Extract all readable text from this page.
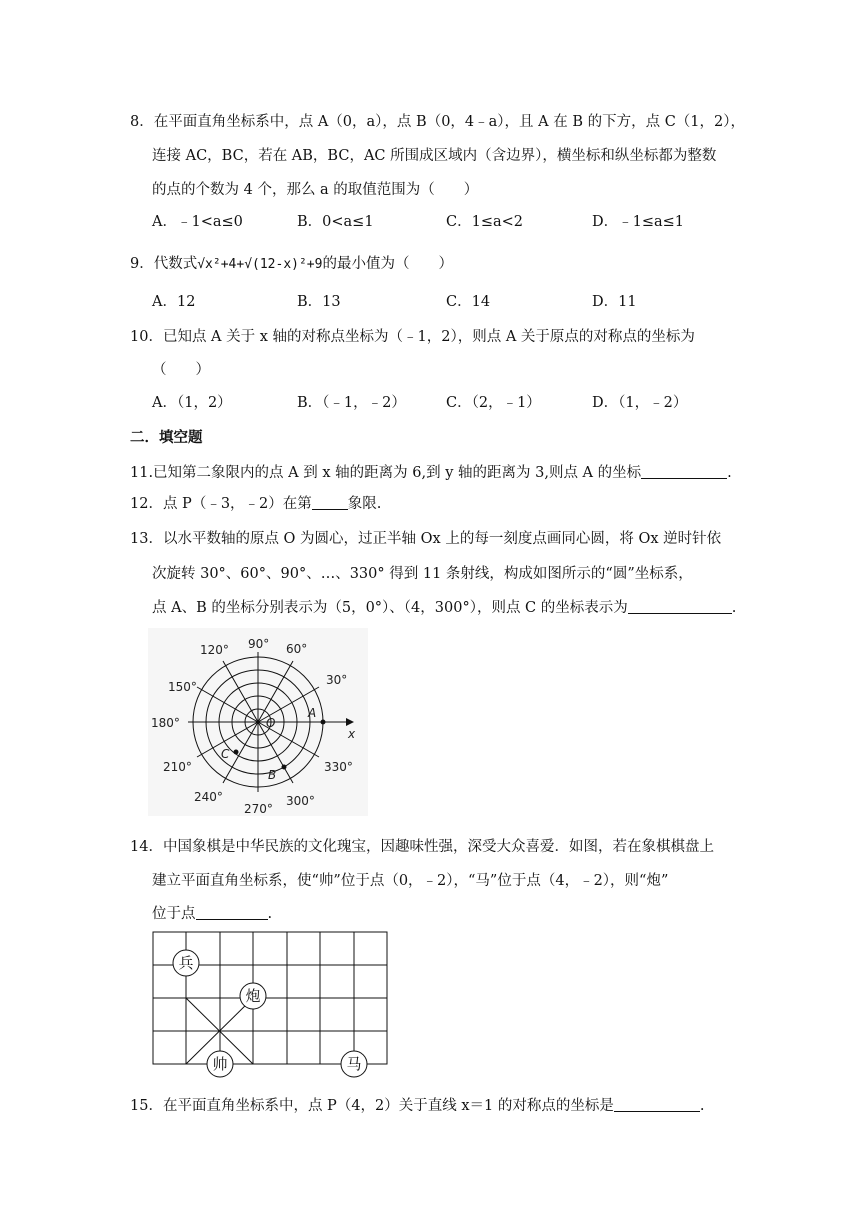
8．在平面直角坐标系中，点 A（0，a），点 B（0，4﹣a），且 A 在 B 的下方，点 C（1，2），
连接 AC，BC，若在 AB，BC，AC 所围成区域内（含边界），横坐标和纵坐标都为整数
的点的个数为 4 个，那么 a 的取值范围为（　　）
A．﹣1<a≤0	B．0<a≤1	C．1≤a<2	D．﹣1≤a≤1
9．代数式√x²+4+√(12-x)²+9的最小值为（　　）
A．12	B．13	C．14	D．11
10．已知点 A 关于 x 轴的对称点坐标为（﹣1，2），则点 A 关于原点的对称点的坐标为
（　　）
A．（1，2）	B．（﹣1，﹣2）	C．（2，﹣1）	D．（1，﹣2）
二．填空题
11.已知第二象限内的点 A 到 x 轴的距离为 6,到 y 轴的距离为 3,则点 A 的坐标	.
12．点 P（﹣3，﹣2）在第 象限.
13．以水平数轴的原点 O 为圆心，过正半轴 Ox 上的每一刻度点画同心圆，将 Ox 逆时针依
次旋转 30°、60°、90°、…、330° 得到 11 条射线，构成如图所示的“圆”坐标系，
点 A、B 的坐标分别表示为（5，0°）、（4，300°），则点 C 的坐标表示为	.
90° 60°
30°
120°
150°
180°
210°
240°
270°
300°
330°
A
B
C
O
x
14．中国象棋是中华民族的文化瑰宝，因趣味性强，深受大众喜爱．如图，若在象棋棋盘上
建立平面直角坐标系，使“帅”位于点（0，﹣2），“马”位于点（4，﹣2），则“炮”
位于点	.
兵
炮
帅	马
15．在平面直角坐标系中，点 P（4，2）关于直线 x＝1 的对称点的坐标是	.
